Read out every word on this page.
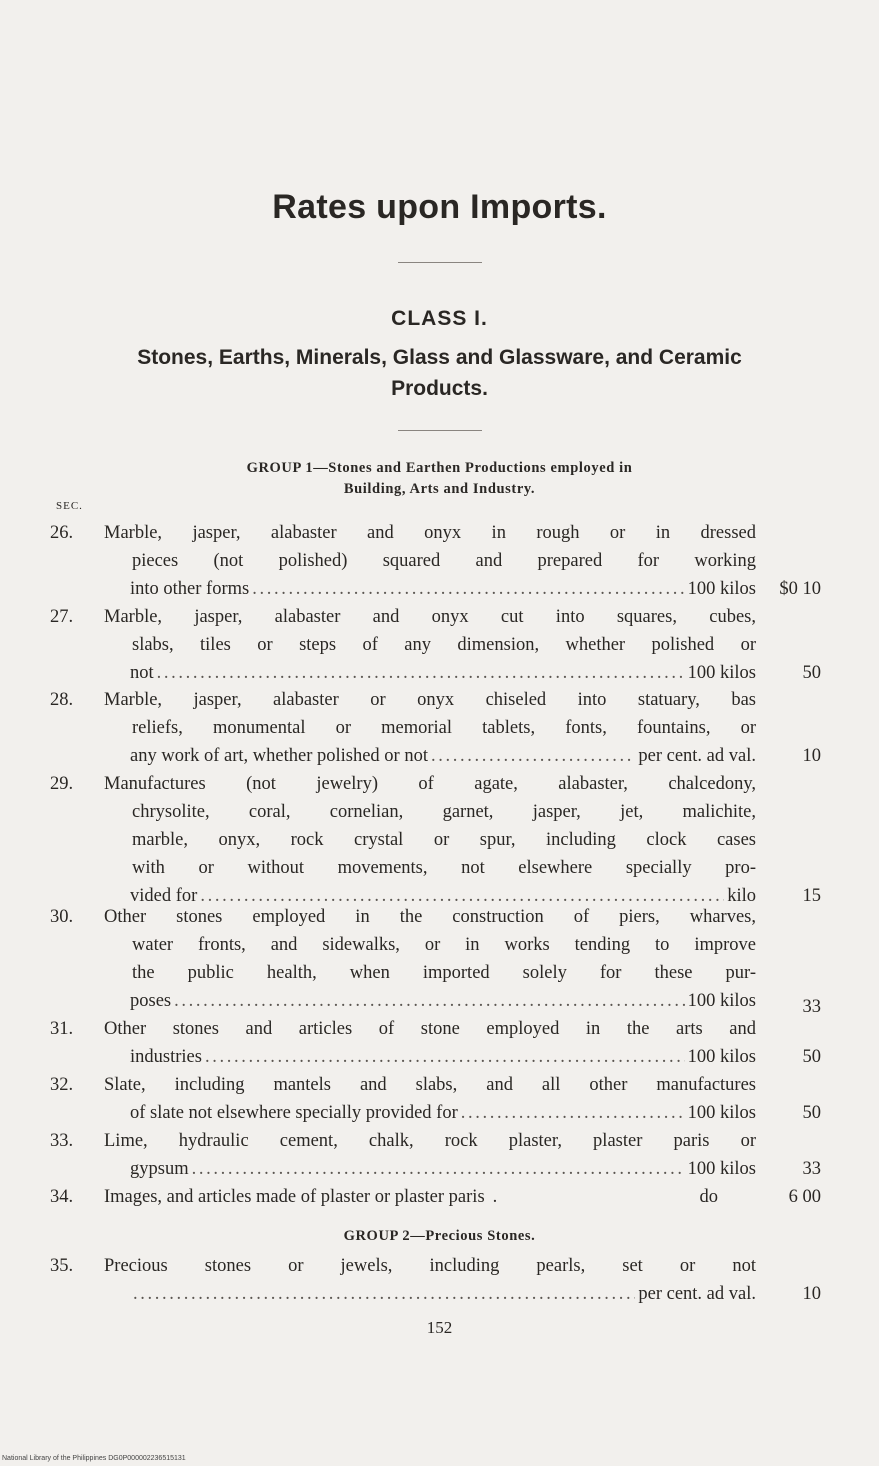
Rates upon Imports.
CLASS I.
Stones, Earths, Minerals, Glass and Glassware, and Ceramic
Products.
GROUP 1—Stones and Earthen Productions employed in
Building, Arts and Industry.
SEC.
26. Marble, jasper, alabaster and onyx in rough or in dressed
pieces (not polished) squared and prepared for working
into other forms . . .	100 kilos $0 10
27. Marble, jasper, alabaster and onyx cut into squares, cubes,
slabs, tiles or steps of any dimension, whether polished or
not . . .	100 kilos	50
28. Marble, jasper, alabaster or onyx chiseled into statuary, bas
reliefs, monumental or memorial tablets, fonts, fountains, or
any work of art, whether polished or not . . .	per cent. ad val.	10
29. Manufactures (not jewelry) of agate, alabaster, chalcedony,
chrysolite, coral, cornelian, garnet, jasper, jet, malichite,
marble, onyx, rock crystal or spur, including clock cases
with or without movements, not elsewhere specially pro-
vided for . . .	kilo	15
30. Other stones employed in the construction of piers, wharves,
water fronts, and sidewalks, or in works tending to improve
the public health, when imported solely for these pur-
poses . . .	100 kilos	33
31. Other stones and articles of stone employed in the arts and
industries . . .	100 kilos	50
32. Slate, including mantels and slabs, and all other manufactures
of slate not elsewhere specially provided for . . .	100 kilos	50
33. Lime, hydraulic cement, chalk, rock plaster, plaster paris or
gypsum . . .	100 kilos	33
34. Images, and articles made of plaster or plaster paris .	do	6 00
GROUP 2—Precious Stones.
35. Precious stones or jewels, including pearls, set or not
. . .
per cent. ad val.	10
152
National Library of the Philippines DG0P000002236515131
